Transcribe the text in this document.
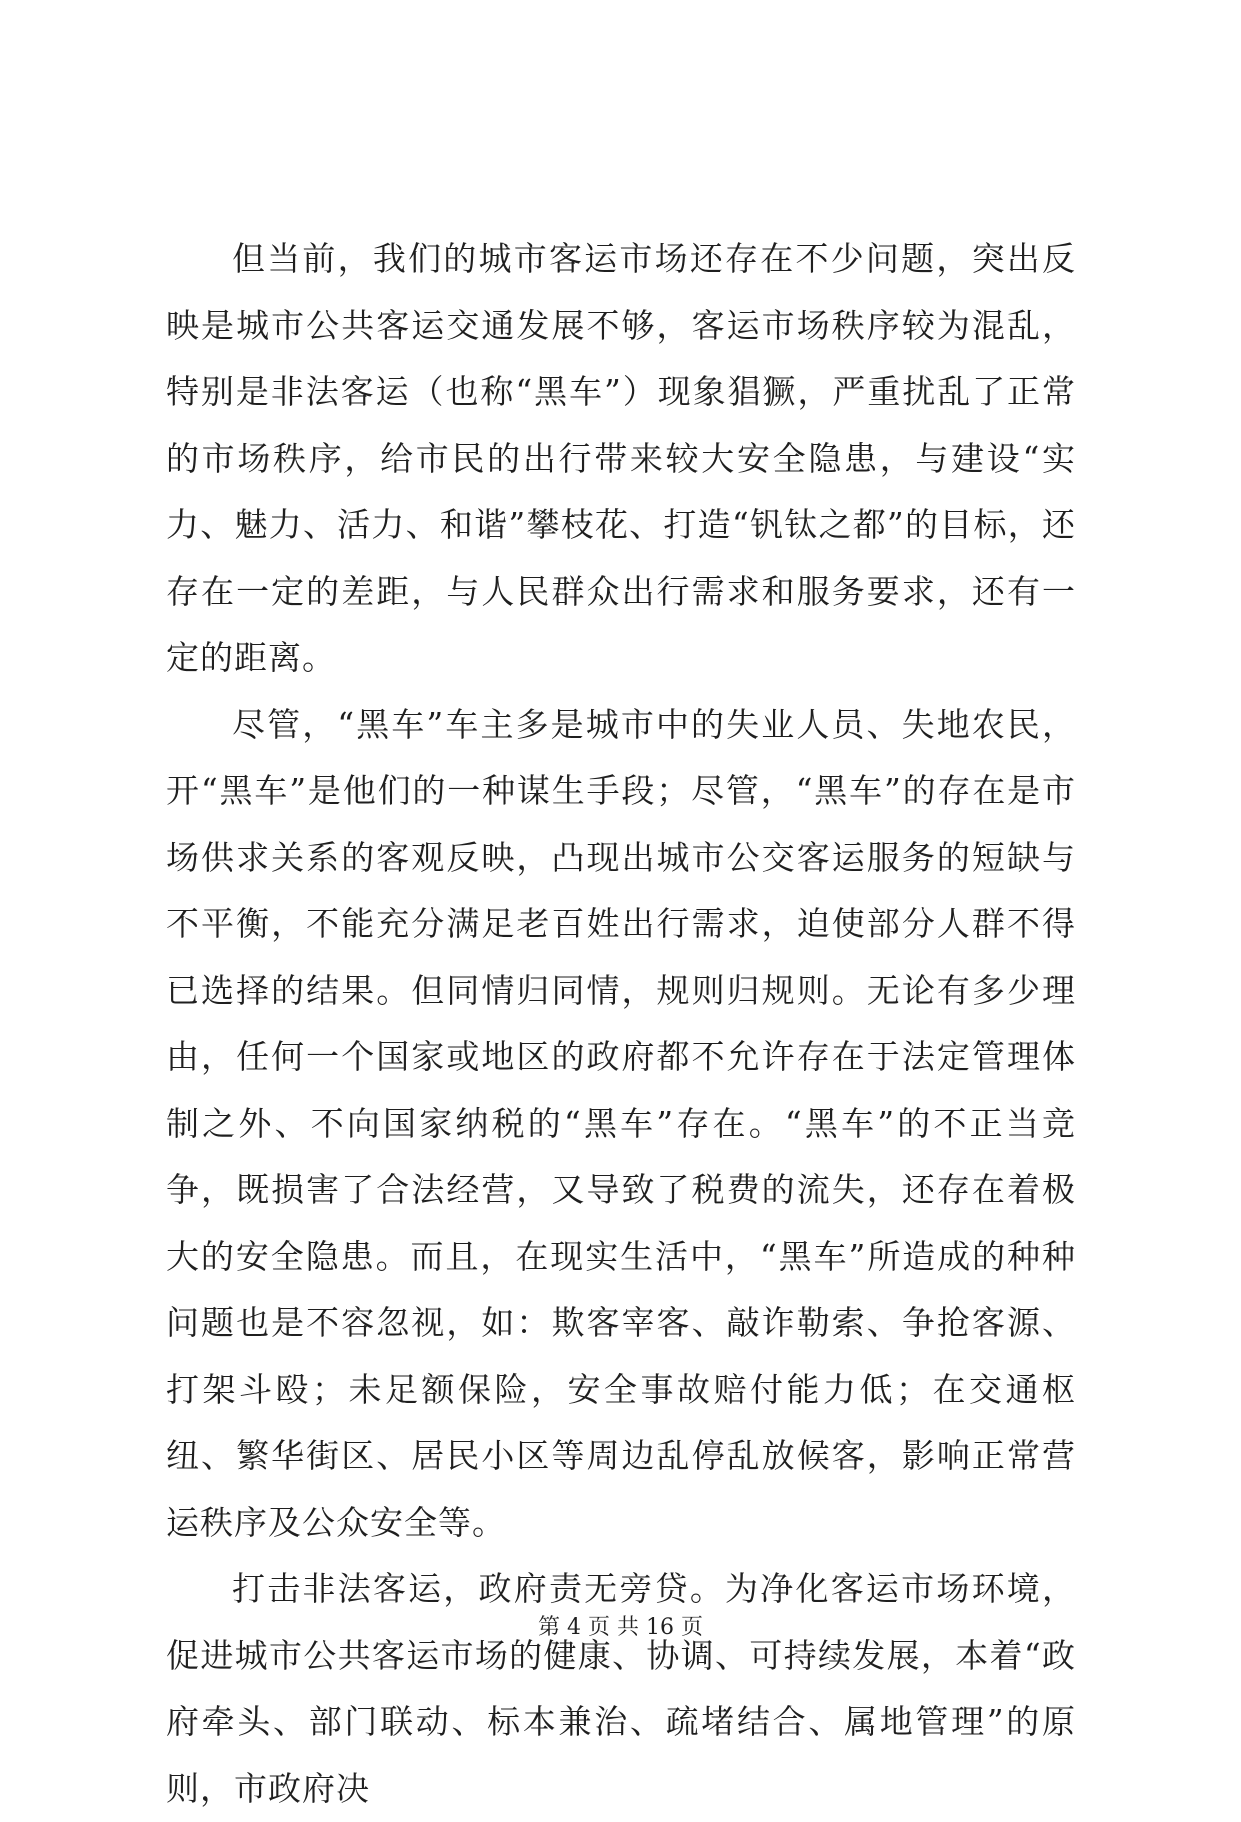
但当前，我们的城市客运市场还存在不少问题，突出反映是城市公共客运交通发展不够，客运市场秩序较为混乱，特别是非法客运（也称“黑车”）现象猖獗，严重扰乱了正常的市场秩序，给市民的出行带来较大安全隐患，与建设“实力、魅力、活力、和谐”攀枝花、打造“钒钛之都”的目标，还存在一定的差距，与人民群众出行需求和服务要求，还有一定的距离。

尽管，“黑车”车主多是城市中的失业人员、失地农民，开“黑车”是他们的一种谋生手段；尽管，“黑车”的存在是市场供求关系的客观反映，凸现出城市公交客运服务的短缺与不平衡，不能充分满足老百姓出行需求，迫使部分人群不得已选择的结果。但同情归同情，规则归规则。无论有多少理由，任何一个国家或地区的政府都不允许存在于法定管理体制之外、不向国家纳税的“黑车”存在。“黑车”的不正当竞争，既损害了合法经营，又导致了税费的流失，还存在着极大的安全隐患。而且，在现实生活中，“黑车”所造成的种种问题也是不容忽视，如：欺客宰客、敲诈勒索、争抢客源、打架斗殴；未足额保险，安全事故赔付能力低；在交通枢纽、繁华街区、居民小区等周边乱停乱放候客，影响正常营运秩序及公众安全等。

打击非法客运，政府责无旁贷。为净化客运市场环境，促进城市公共客运市场的健康、协调、可持续发展，本着“政府牵头、部门联动、标本兼治、疏堵结合、属地管理”的原则，市政府决

第 4 页 共 16 页
